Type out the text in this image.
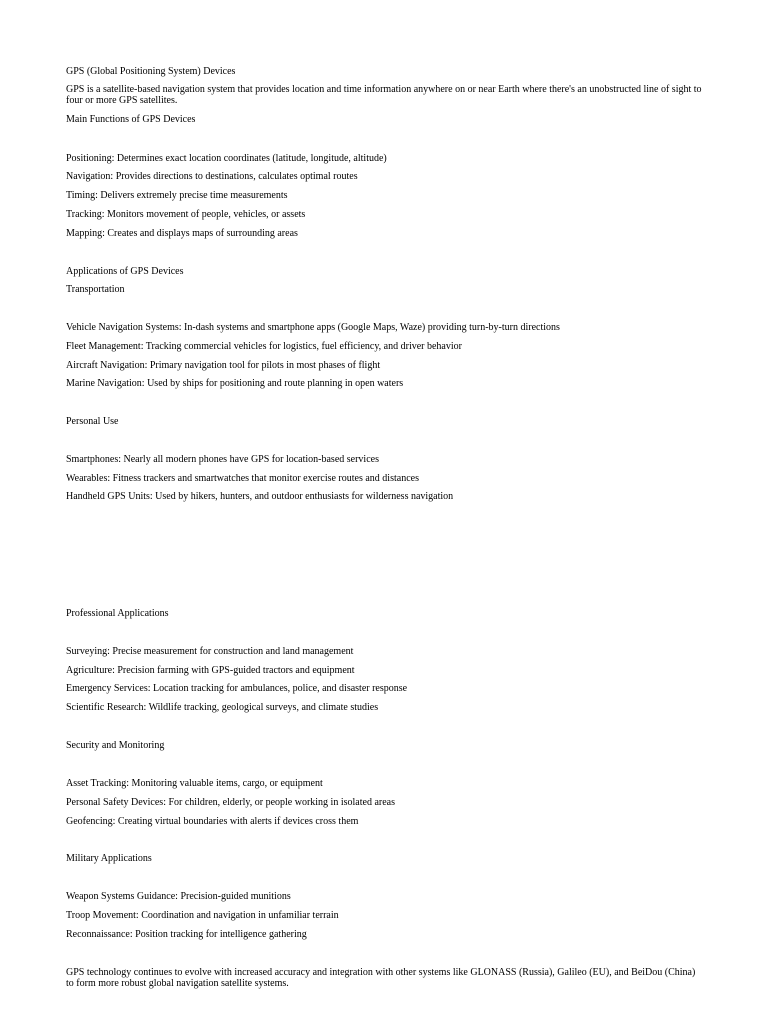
GPS (Global Positioning System) Devices

GPS is a satellite-based navigation system that provides location and time information anywhere on or near Earth where there's an unobstructed line of sight to four or more GPS satellites.

Main Functions of GPS Devices

Positioning: Determines exact location coordinates (latitude, longitude, altitude)

Navigation: Provides directions to destinations, calculates optimal routes

Timing: Delivers extremely precise time measurements

Tracking: Monitors movement of people, vehicles, or assets

Mapping: Creates and displays maps of surrounding areas

Applications of GPS Devices

Transportation

Vehicle Navigation Systems: In-dash systems and smartphone apps (Google Maps, Waze) providing turn-by-turn directions

Fleet Management: Tracking commercial vehicles for logistics, fuel efficiency, and driver behavior

Aircraft Navigation: Primary navigation tool for pilots in most phases of flight

Marine Navigation: Used by ships for positioning and route planning in open waters

Personal Use

Smartphones: Nearly all modern phones have GPS for location-based services

Wearables: Fitness trackers and smartwatches that monitor exercise routes and distances

Handheld GPS Units: Used by hikers, hunters, and outdoor enthusiasts for wilderness navigation

Professional Applications

Surveying: Precise measurement for construction and land management

Agriculture: Precision farming with GPS-guided tractors and equipment

Emergency Services: Location tracking for ambulances, police, and disaster response

Scientific Research: Wildlife tracking, geological surveys, and climate studies

Security and Monitoring

Asset Tracking: Monitoring valuable items, cargo, or equipment

Personal Safety Devices: For children, elderly, or people working in isolated areas

Geofencing: Creating virtual boundaries with alerts if devices cross them

Military Applications

Weapon Systems Guidance: Precision-guided munitions

Troop Movement: Coordination and navigation in unfamiliar terrain

Reconnaissance: Position tracking for intelligence gathering

GPS technology continues to evolve with increased accuracy and integration with other systems like GLONASS (Russia), Galileo (EU), and BeiDou (China) to form more robust global navigation satellite systems.
